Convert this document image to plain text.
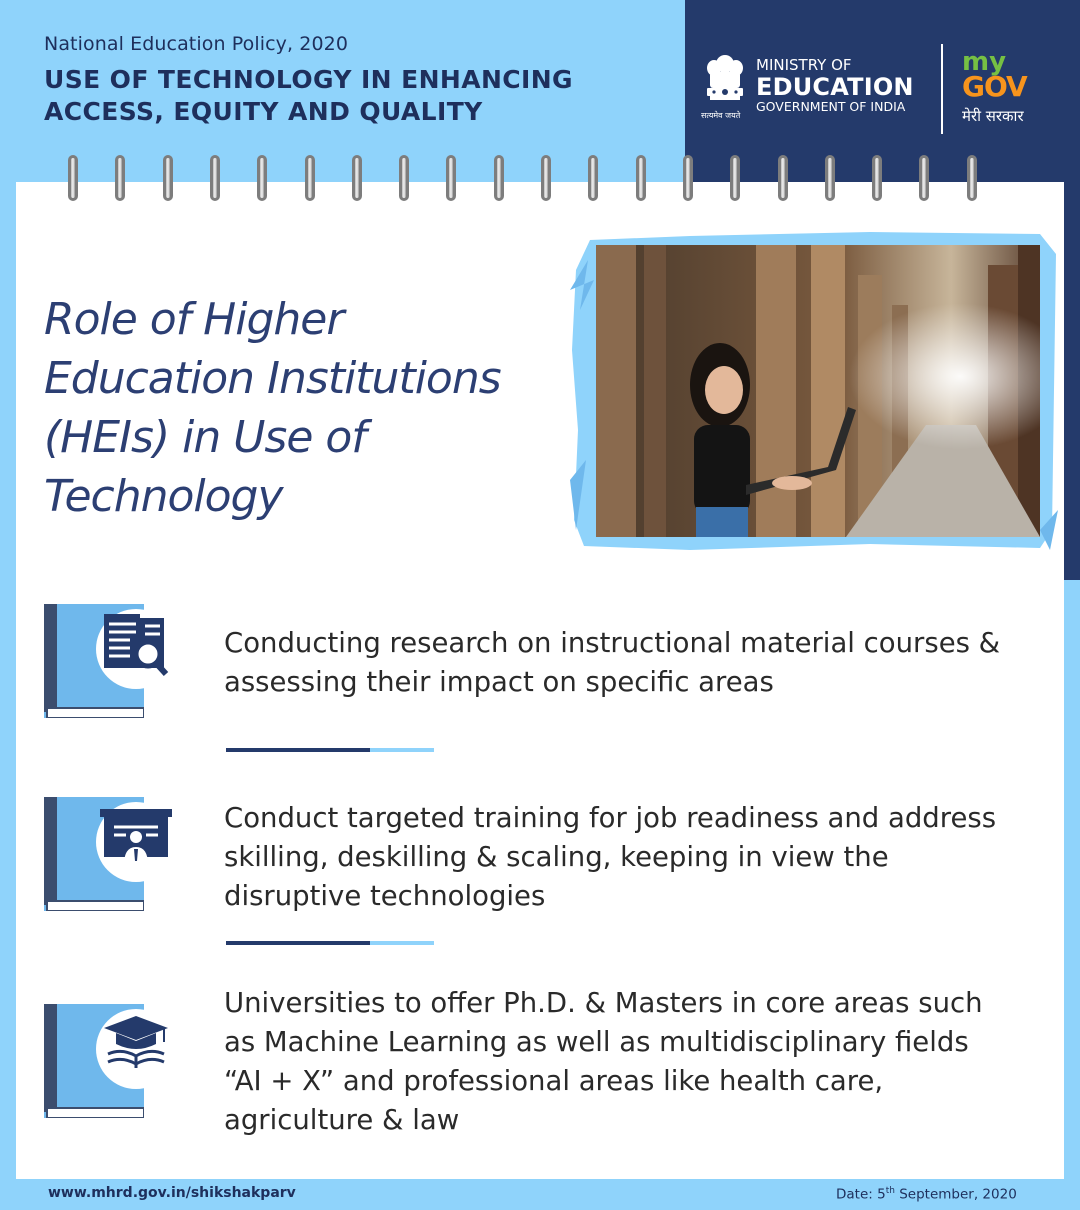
National Education Policy, 2020
USE OF TECHNOLOGY IN ENHANCING
ACCESS, EQUITY AND QUALITY	सत्यमेव जयते
MINISTRY OF
EDUCATION
GOVERNMENT OF INDIA
my
GOV
मेरी सरकार
Role of Higher Education Institutions (HEIs) in Use of Technology
Conducting research on instructional material courses & assessing their impact on specific areas
Conduct targeted training for job readiness and address skilling, deskilling & scaling, keeping in view the disruptive technologies
Universities to offer Ph.D. & Masters in core areas such as Machine Learning as well as multidisciplinary fields “AI + X” and professional areas like health care, agriculture & law
www.mhrd.gov.in/shikshakparv	Date: 5th September, 2020
